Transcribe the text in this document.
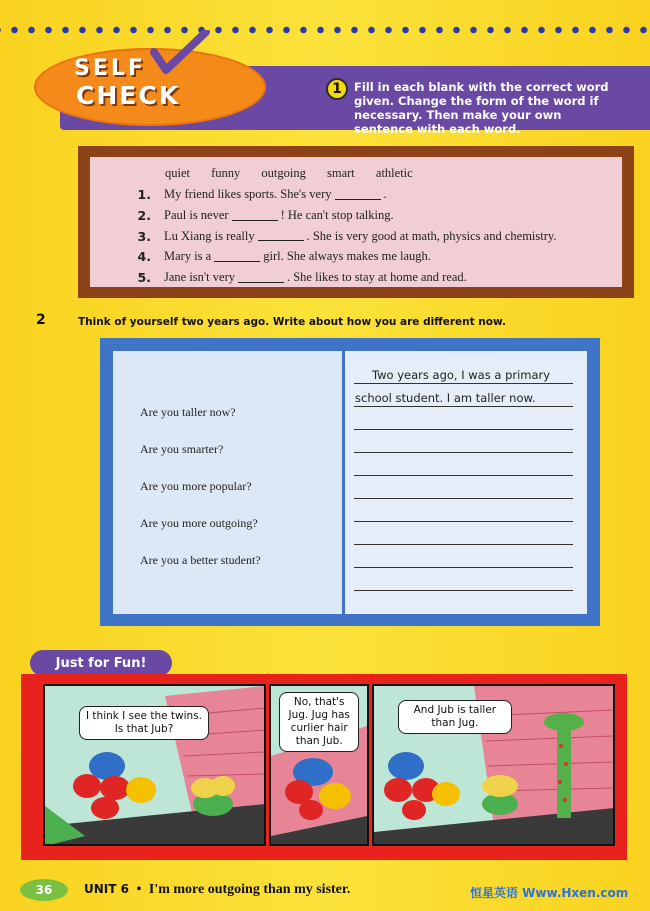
SELF
CHECK	1	Fill in each blank with the correct word given. Change the form of the word if necessary. Then make your own sentence with each word.
quiet funny outgoing smart athletic
1.	My friend likes sports. She's very	.
2.	Paul is never	! He can't stop talking.
3.	Lu Xiang is really	. She is very good at math, physics and chemistry.
4.	Mary is a	girl. She always makes me laugh.
5.	Jane isn't very	. She likes to stay at home and read.
2	Think of yourself two years ago. Write about how you are different now.
Are you taller now?
Are you smarter?
Are you more popular?
Are you more outgoing?
Are you a better student?
Two years ago, I was a primary
school student. I am taller now.
Just for Fun!
I think I see the twins. Is that Jub?
No, that's Jug. Jug has curlier hair than Jub.
And Jub is taller than Jug.
36	UNIT 6 • I'm more outgoing than my sister.	恒星英语 Www.Hxen.com
